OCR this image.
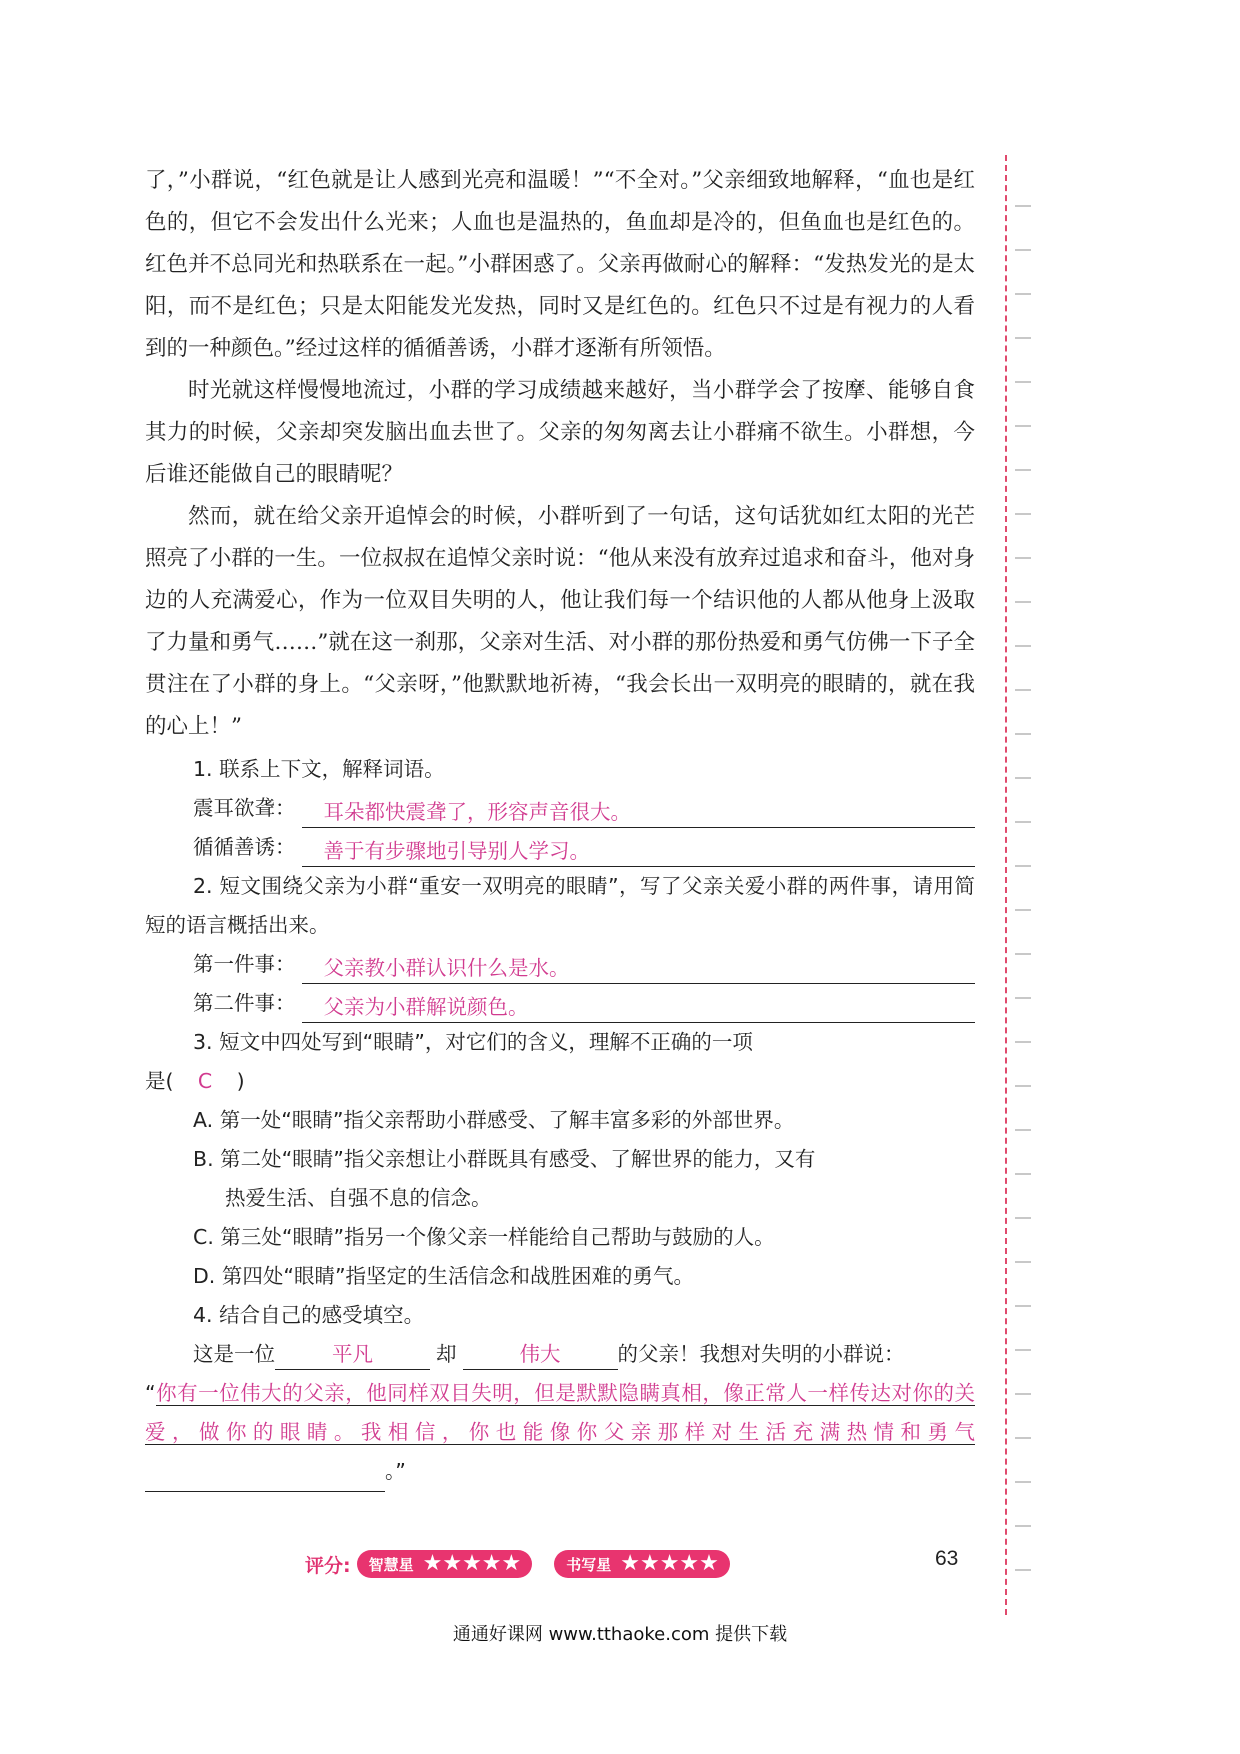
了，”小群说，“红色就是让人感到光亮和温暖！”“不全对。”父亲细致地解释，“血也是红色的，但它不会发出什么光来；人血也是温热的，鱼血却是冷的，但鱼血也是红色的。红色并不总同光和热联系在一起。”小群困惑了。父亲再做耐心的解释：“发热发光的是太阳，而不是红色；只是太阳能发光发热，同时又是红色的。红色只不过是有视力的人看到的一种颜色。”经过这样的循循善诱，小群才逐渐有所领悟。

时光就这样慢慢地流过，小群的学习成绩越来越好，当小群学会了按摩、能够自食其力的时候，父亲却突发脑出血去世了。父亲的匆匆离去让小群痛不欲生。小群想，今后谁还能做自己的眼睛呢？

然而，就在给父亲开追悼会的时候，小群听到了一句话，这句话犹如红太阳的光芒照亮了小群的一生。一位叔叔在追悼父亲时说：“他从来没有放弃过追求和奋斗，他对身边的人充满爱心，作为一位双目失明的人，他让我们每一个结识他的人都从他身上汲取了力量和勇气……”就在这一刹那，父亲对生活、对小群的那份热爱和勇气仿佛一下子全贯注在了小群的身上。“父亲呀，”他默默地祈祷，“我会长出一双明亮的眼睛的，就在我的心上！”

1. 联系上下文，解释词语。
震耳欲聋：	耳朵都快震聋了，形容声音很大。
循循善诱：	善于有步骤地引导别人学习。
2. 短文围绕父亲为小群“重安一双明亮的眼睛”，写了父亲关爱小群的两件事，请用简短的语言概括出来。
第一件事：	父亲教小群认识什么是水。
第二件事：	父亲为小群解说颜色。
3. 短文中四处写到“眼睛”，对它们的含义，理解不正确的一项
是( C )
A. 第一处“眼睛”指父亲帮助小群感受、了解丰富多彩的外部世界。
B. 第二处“眼睛”指父亲想让小群既具有感受、了解世界的能力，又有
热爱生活、自强不息的信念。
C. 第三处“眼睛”指另一个像父亲一样能给自己帮助与鼓励的人。
D. 第四处“眼睛”指坚定的生活信念和战胜困难的勇气。
4. 结合自己的感受填空。
这是一位	平凡	却	伟大	的父亲！我想对失明的小群说：
“你有一位伟大的父亲，他同样双目失明，但是默默隐瞒真相，像正常人一样传达对你的关爱，做你的眼睛。我相信，你也能像你父亲那样对生活充满热情和勇气 。”
评分: 智慧星 ★★★★★	书写星 ★★★★★	63
通通好课网 www.tthaoke.com 提供下载
